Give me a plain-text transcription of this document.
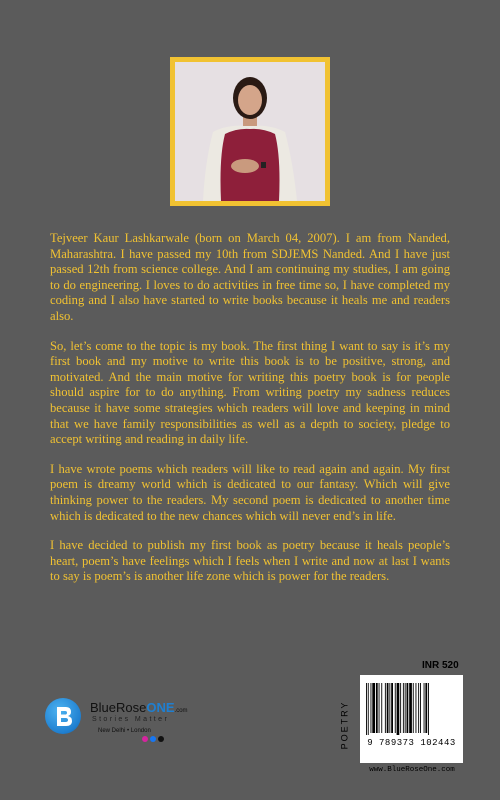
Tejveer Kaur Lashkarwale (born on March 04, 2007). I am from Nanded, Maharashtra. I have passed my 10th from SDJEMS Nanded. And I have just passed 12th from science college. And I am continuing my studies, I am going to do engineering. I loves to do activities in free time so, I have completed my coding and I also have started to write books because it heals me and readers also.

So, let’s come to the topic is my book. The first thing I want to say is it’s my first book and my motive to write this book is to be positive, strong, and motivated. And the main motive for writing this poetry book is for people should aspire for to do anything. From writing poetry my sadness reduces because it have some strategies which readers will love and keeping in mind that we have family responsibilities as well as a depth to society, pledge to accept writing and reading in daily life.

I have wrote poems which readers will like to read again and again. My first poem is dreamy world which is dedicated to our fantasy. Which will give thinking power to the readers. My second poem is dedicated to another time which is dedicated to the new chances which will never end’s in life.

I have decided to publish my first book as poetry because it heals people’s heart, poem’s have feelings which I feels when I write and now at last I wants to say is poem’s is another life zone which is power for the readers.

BlueRoseONE.com
Stories Matter
New Delhi • London
INR 520
POETRY	9 789373 102443
www.BlueRoseOne.com
